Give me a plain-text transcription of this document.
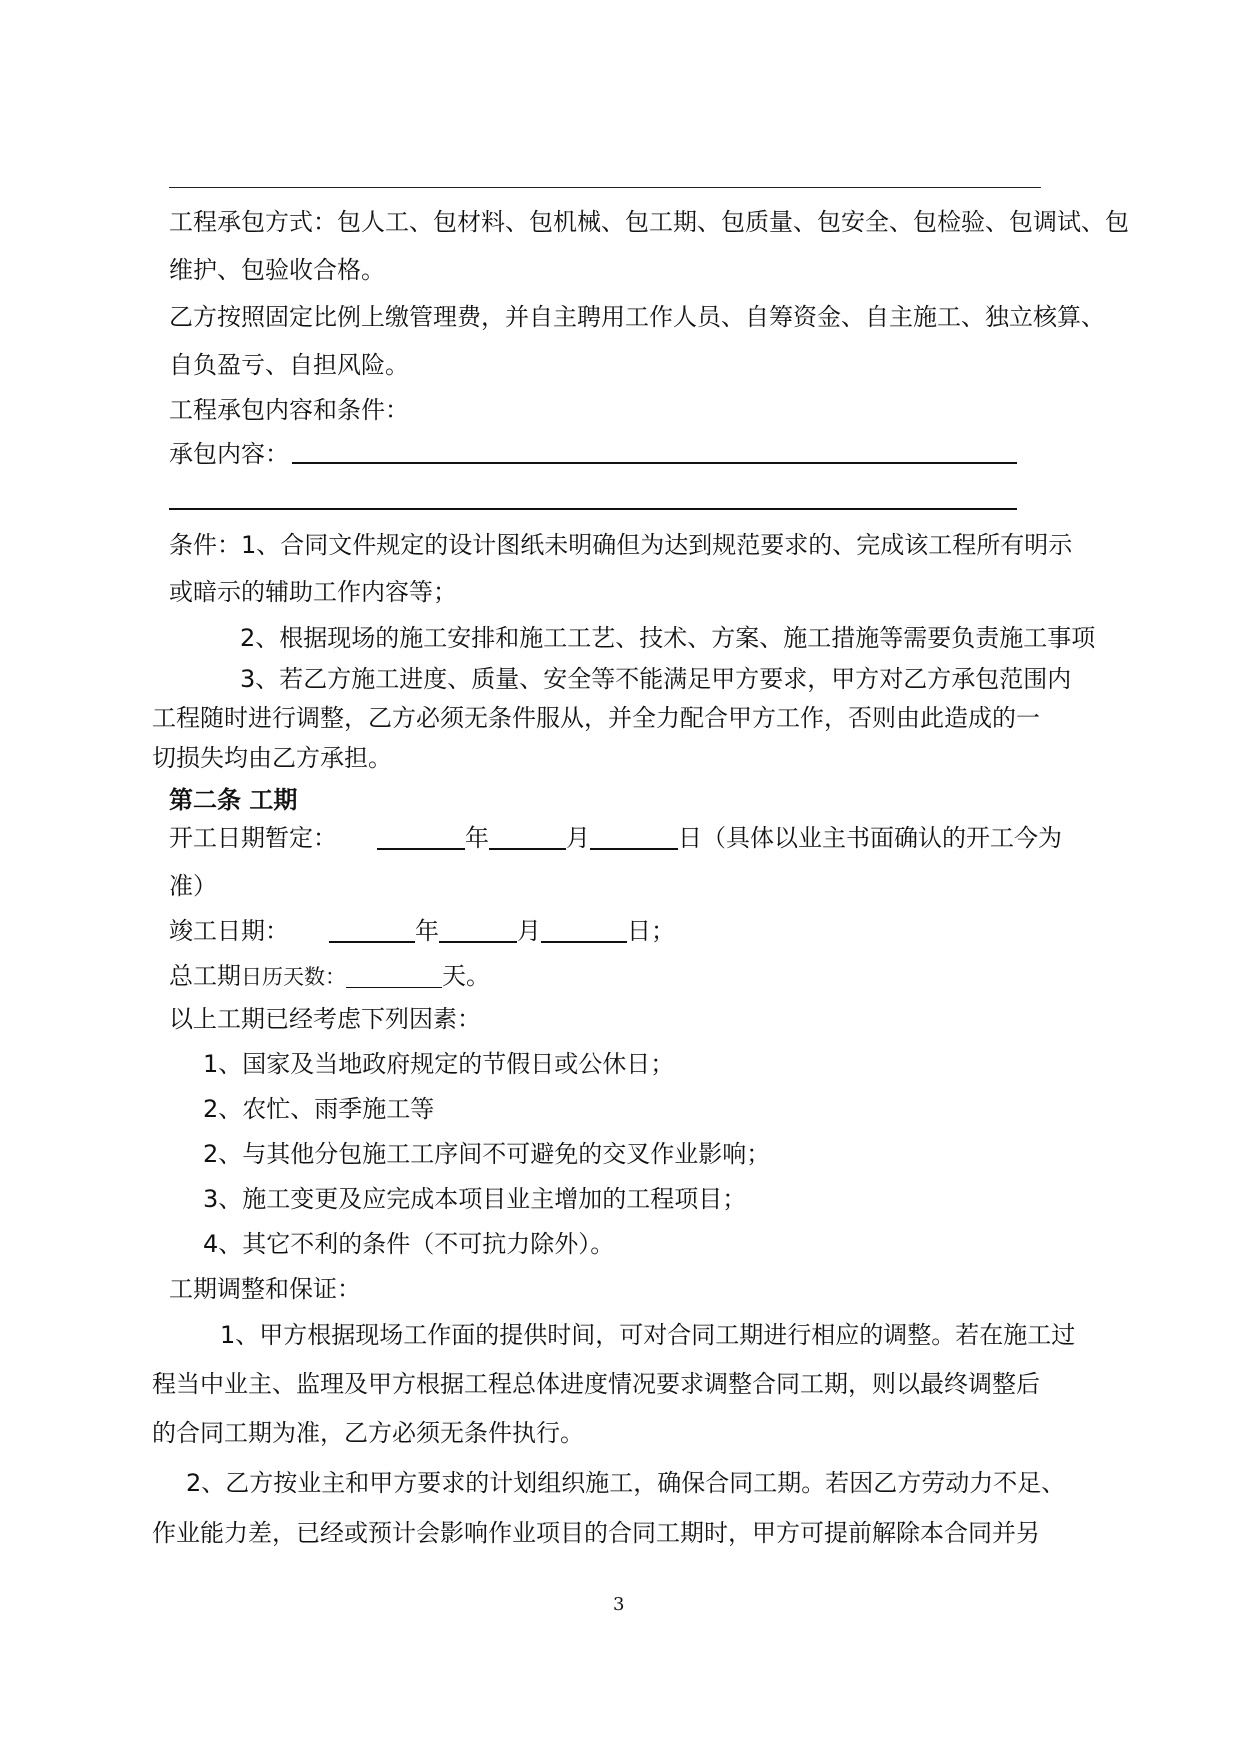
工程承包方式：包人工、包材料、包机械、包工期、包质量、包安全、包检验、包调试、包
维护、包验收合格。
乙方按照固定比例上缴管理费，并自主聘用工作人员、自筹资金、自主施工、独立核算、
自负盈亏、自担风险。
工程承包内容和条件：
承包内容：
条件：1、合同文件规定的设计图纸未明确但为达到规范要求的、完成该工程所有明示
或暗示的辅助工作内容等；
2、根据现场的施工安排和施工工艺、技术、方案、施工措施等需要负责施工事项
3、若乙方施工进度、质量、安全等不能满足甲方要求，甲方对乙方承包范围内
工程随时进行调整，乙方必须无条件服从，并全力配合甲方工作，否则由此造成的一
切损失均由乙方承担。
第二条 工期
开工日期暂定：	年	月	日（具体以业主书面确认的开工今为
准）
竣工日期：	年	月	日；
总工期日历天数：	天。
以上工期已经考虑下列因素：
1、国家及当地政府规定的节假日或公休日；
2、农忙、雨季施工等
2、与其他分包施工工序间不可避免的交叉作业影响；
3、施工变更及应完成本项目业主增加的工程项目；
4、其它不利的条件（不可抗力除外）。
工期调整和保证：
1、甲方根据现场工作面的提供时间，可对合同工期进行相应的调整。若在施工过
程当中业主、监理及甲方根据工程总体进度情况要求调整合同工期，则以最终调整后
的合同工期为准，乙方必须无条件执行。
2、乙方按业主和甲方要求的计划组织施工，确保合同工期。若因乙方劳动力不足、
作业能力差，已经或预计会影响作业项目的合同工期时，甲方可提前解除本合同并另
3
